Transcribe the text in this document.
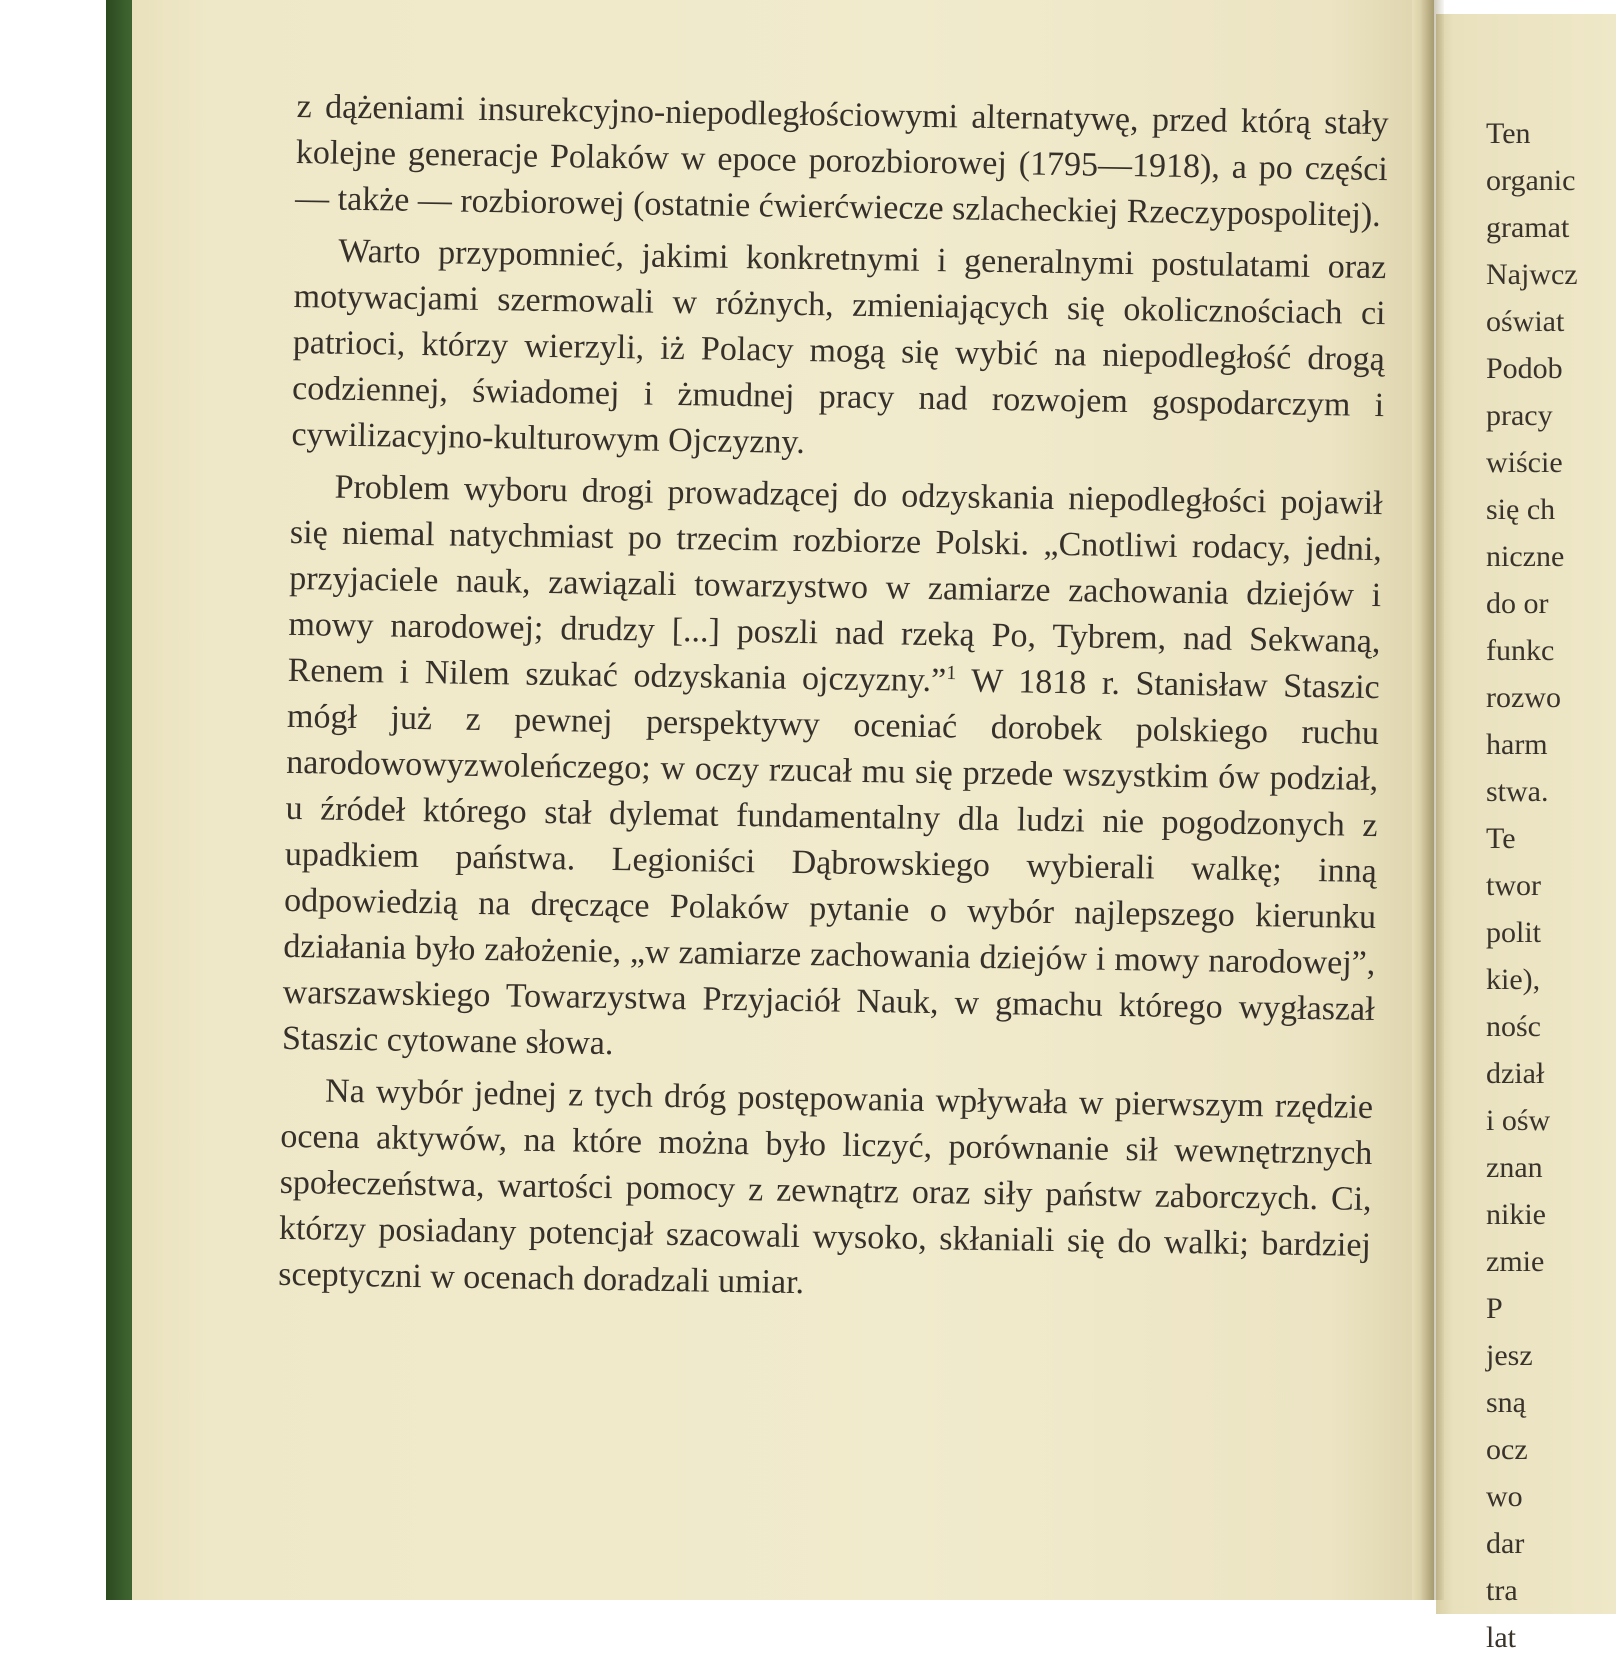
z dążeniami insurekcyjno-niepodległościowymi alternatywę, przed którą stały kolejne generacje Polaków w epoce porozbiorowej (1795—1918), a po części — także — rozbiorowej (ostatnie ćwierćwiecze szlacheckiej Rzeczypospolitej).

Warto przypomnieć, jakimi konkretnymi i generalnymi postulatami oraz motywacjami szermowali w różnych, zmieniających się okolicznościach ci patrioci, którzy wierzyli, iż Polacy mogą się wybić na niepodległość drogą codziennej, świadomej i żmudnej pracy nad rozwojem gospodarczym i cywilizacyjno-kulturowym Ojczyzny.

Problem wyboru drogi prowadzącej do odzyskania niepodległości pojawił się niemal natychmiast po trzecim rozbiorze Polski. „Cnotliwi rodacy, jedni, przyjaciele nauk, zawiązali towarzystwo w zamiarze zachowania dziejów i mowy narodowej; drudzy [...] poszli nad rzeką Po, Tybrem, nad Sekwaną, Renem i Nilem szukać odzyskania ojczyzny.”$^1$ W 1818 r. Stanisław Staszic mógł już z pewnej perspektywy oceniać dorobek polskiego ruchu narodowowyzwoleńczego; w oczy rzucał mu się przede wszystkim ów podział, u źródeł którego stał dylemat fundamentalny dla ludzi nie pogodzonych z upadkiem państwa. Legioniści Dąbrowskiego wybierali walkę; inną odpowiedzią na dręczące Polaków pytanie o wybór najlepszego kierunku działania było założenie, „w zamiarze zachowania dziejów i mowy narodowej”, warszawskiego Towarzystwa Przyjaciół Nauk, w gmachu którego wygłaszał Staszic cytowane słowa.

Na wybór jednej z tych dróg postępowania wpływała w pierwszym rzędzie ocena aktywów, na które można było liczyć, porównanie sił wewnętrznych społeczeństwa, wartości pomocy z zewnątrz oraz siły państw zaborczych. Ci, którzy posiadany potencjał szacowali wysoko, skłaniali się do walki; bardziej sceptyczni w ocenach doradzali umiar.

Ten
organic
gramat
Najwcz
oświat
Podob
pracy
wiście
się ch
niczne
do or
funkc
rozwo
harm
stwa.
Te
twor
polit
kie),
nośc
dział
i ośw
znan
nikie
zmie
P
jesz
sną
ocz
wo
dar
tra
lat
